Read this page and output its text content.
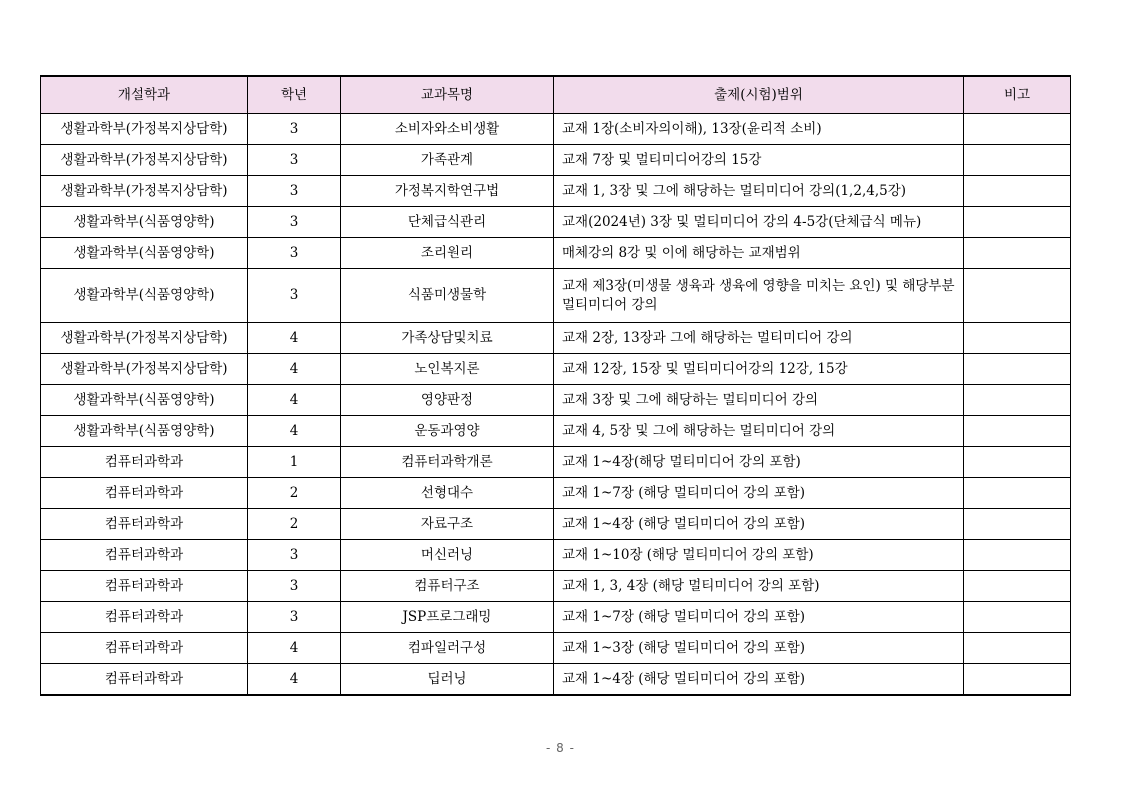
개설학과	학년	교과목명	출제(시험)범위	비고
생활과학부(가정복지상담학)	3	소비자와소비생활	교재 1장(소비자의이해), 13장(윤리적 소비)	
생활과학부(가정복지상담학)	3	가족관계	교재 7장 및 멀티미디어강의 15강	
생활과학부(가정복지상담학)	3	가정복지학연구법	교재 1, 3장 및 그에 해당하는 멀티미디어 강의(1,2,4,5강)	
생활과학부(식품영양학)	3	단체급식관리	교재(2024년) 3장 및 멀티미디어 강의 4-5강(단체급식 메뉴)	
생활과학부(식품영양학)	3	조리원리	매체강의 8강 및 이에 해당하는 교재범위	
생활과학부(식품영양학)	3	식품미생물학	교재 제3장(미생물 생육과 생육에 영향을 미치는 요인) 및 해당부분 멀티미디어 강의	
생활과학부(가정복지상담학)	4	가족상담및치료	교재 2장, 13장과 그에 해당하는 멀티미디어 강의	
생활과학부(가정복지상담학)	4	노인복지론	교재 12장, 15장 및 멀티미디어강의 12강, 15강	
생활과학부(식품영양학)	4	영양판정	교재 3장 및 그에 해당하는 멀티미디어 강의	
생활과학부(식품영양학)	4	운동과영양	교재 4, 5장 및 그에 해당하는 멀티미디어 강의	
컴퓨터과학과	1	컴퓨터과학개론	교재 1~4장(해당 멀티미디어 강의 포함)	
컴퓨터과학과	2	선형대수	교재 1~7장 (해당 멀티미디어 강의 포함)	
컴퓨터과학과	2	자료구조	교재 1~4장 (해당 멀티미디어 강의 포함)	
컴퓨터과학과	3	머신러닝	교재 1~10장 (해당 멀티미디어 강의 포함)	
컴퓨터과학과	3	컴퓨터구조	교재 1, 3, 4장 (해당 멀티미디어 강의 포함)	
컴퓨터과학과	3	JSP프로그래밍	교재 1~7장 (해당 멀티미디어 강의 포함)	
컴퓨터과학과	4	컴파일러구성	교재 1~3장 (해당 멀티미디어 강의 포함)	
컴퓨터과학과	4	딥러닝	교재 1~4장 (해당 멀티미디어 강의 포함)	
- 8 -
